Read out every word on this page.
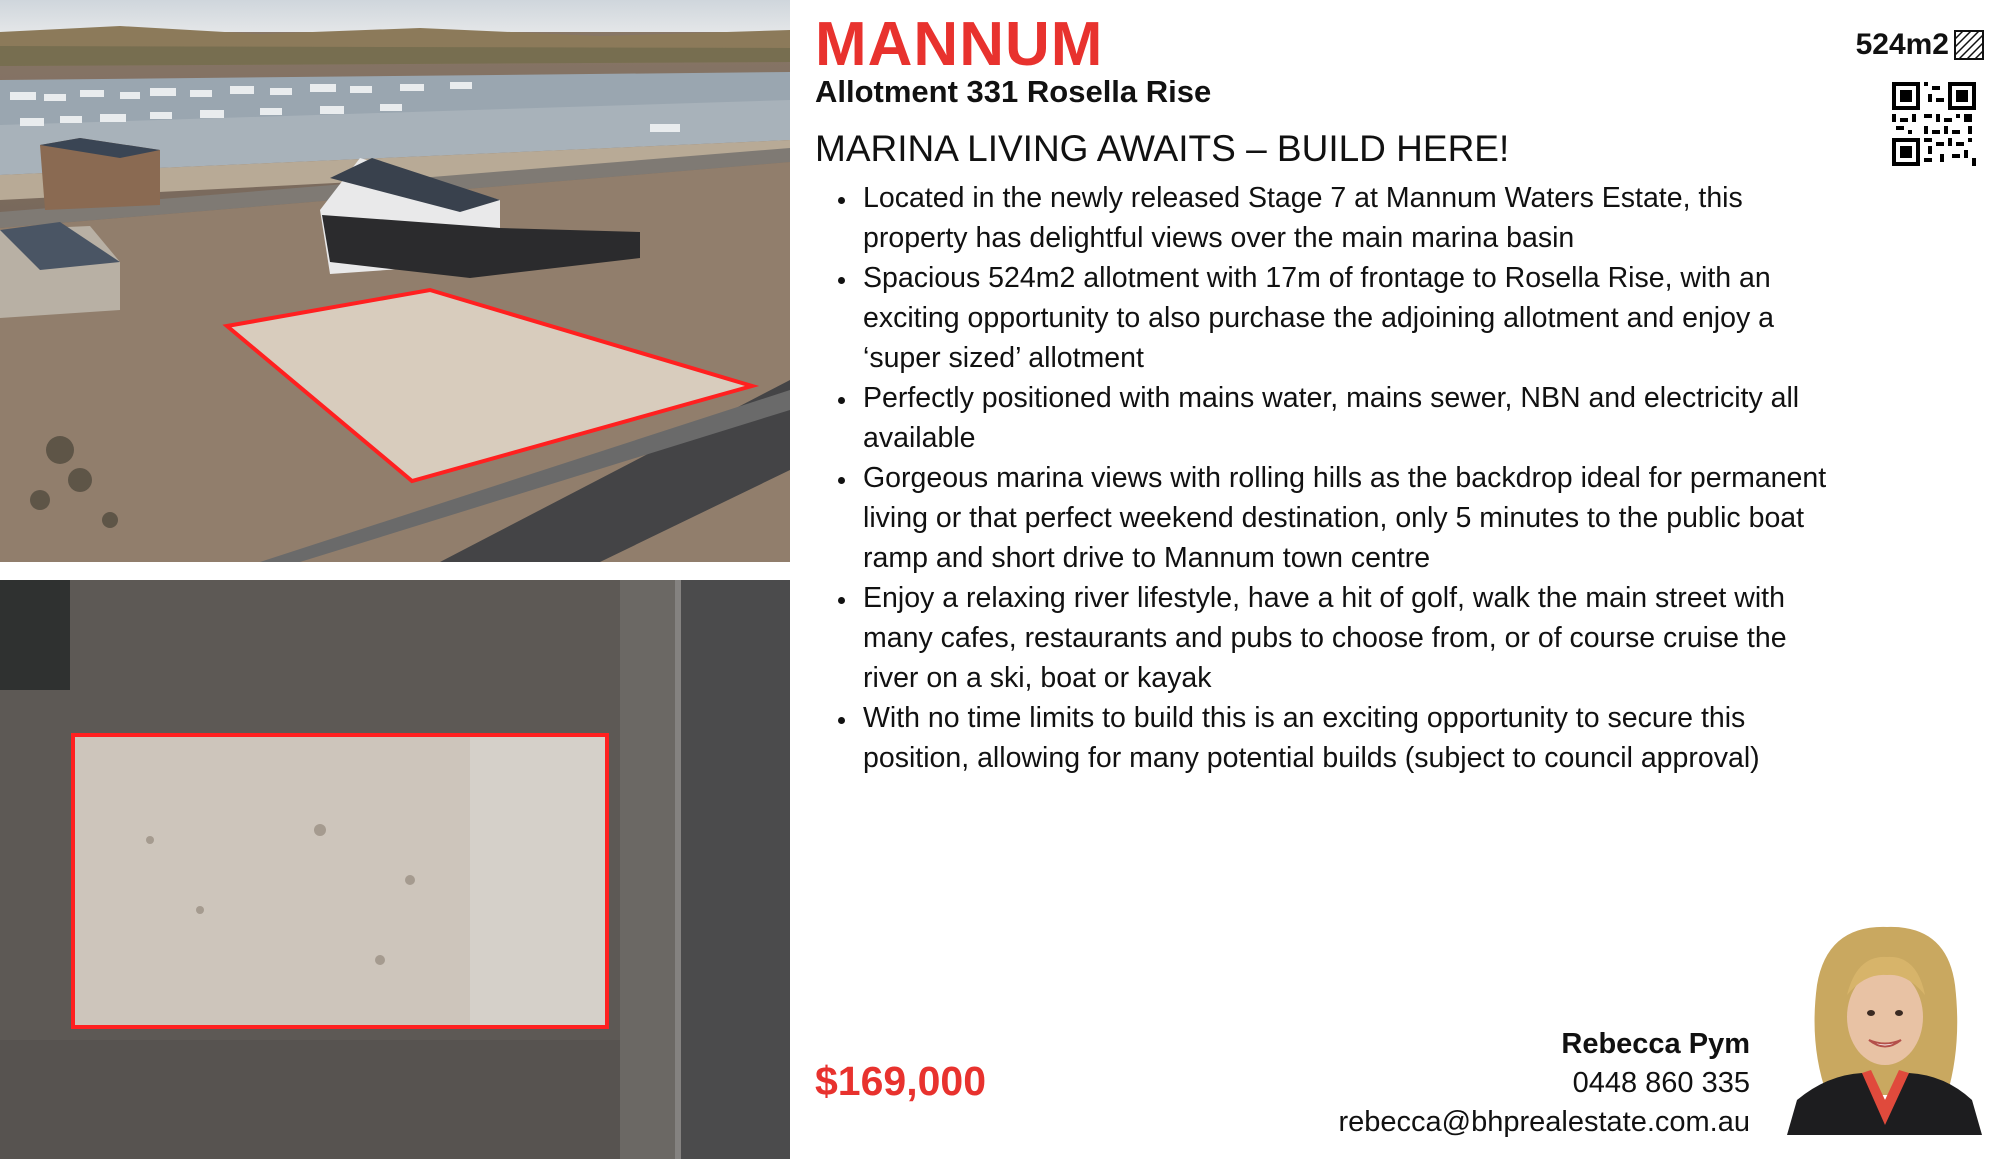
MANNUM
Allotment 331 Rosella Rise
MARINA LIVING AWAITS – BUILD HERE!
Located in the newly released Stage 7 at Mannum Waters Estate, this property has delightful views over the main marina basin
Spacious 524m2 allotment with 17m of frontage to Rosella Rise, with an exciting opportunity to also purchase the adjoining allotment and enjoy a ‘super sized’ allotment
Perfectly positioned with mains water, mains sewer, NBN and electricity all available
Gorgeous marina views with rolling hills as the backdrop ideal for permanent living or that perfect weekend destination, only 5 minutes to the public boat ramp and short drive to Mannum town centre
Enjoy a relaxing river lifestyle, have a hit of golf, walk the main street with many cafes, restaurants and pubs to choose from, or of course cruise the river on a ski, boat or kayak
With no time limits to build this is an exciting opportunity to secure this position, allowing for many potential builds (subject to council approval)
524m2
$169,000
Rebecca Pym
0448 860 335
rebecca@bhprealestate.com.au
